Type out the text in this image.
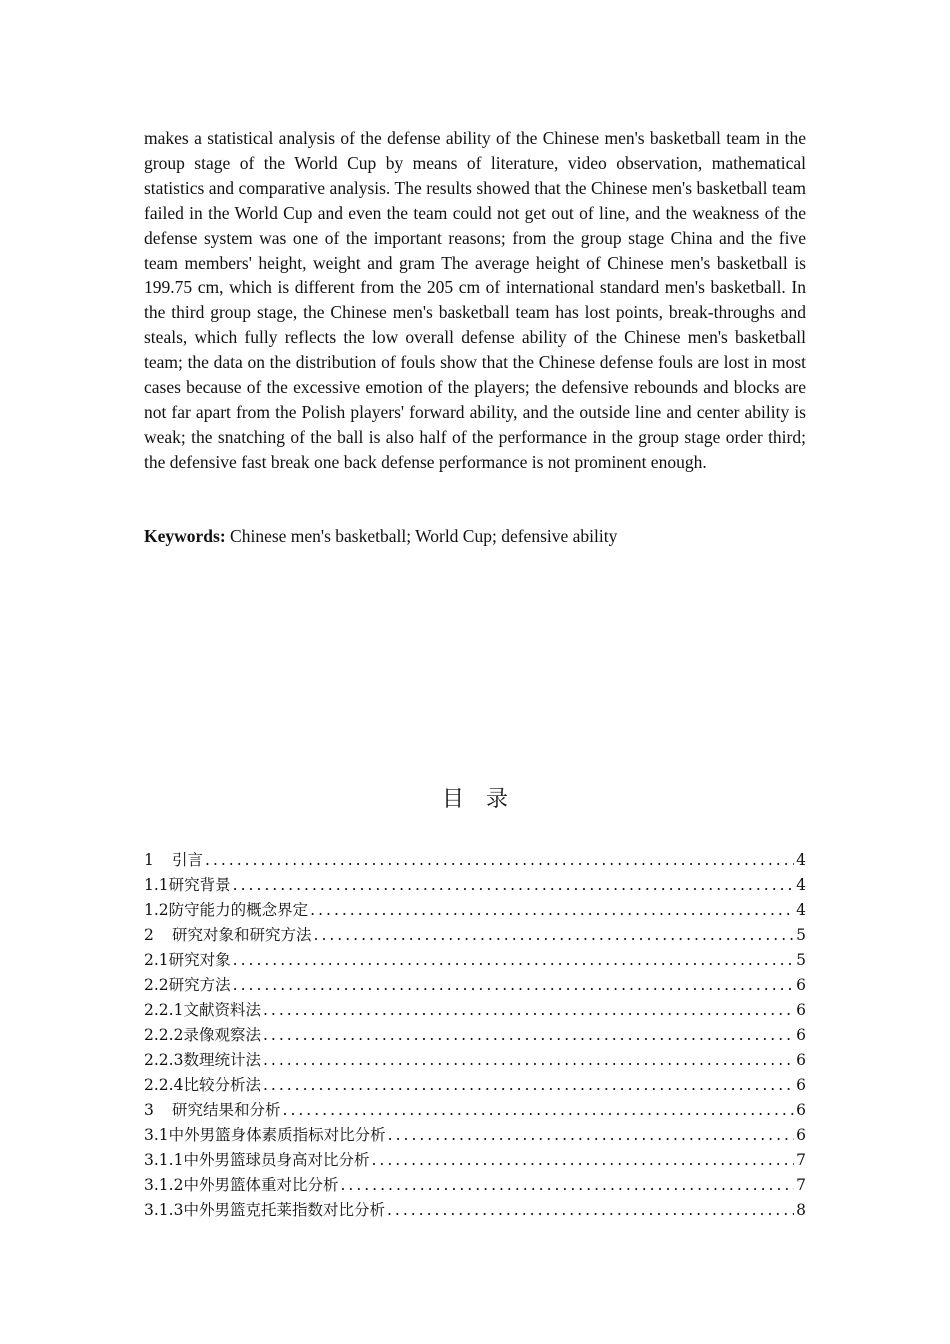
makes a statistical analysis of the defense ability of the Chinese men's basketball team in the group stage of the World Cup by means of literature, video observation, mathematical statistics and comparative analysis. The results showed that the Chinese men's basketball team failed in the World Cup and even the team could not get out of line, and the weakness of the defense system was one of the important reasons; from the group stage China and the five team members' height, weight and gram The average height of Chinese men's basketball is 199.75 cm, which is different from the 205 cm of international standard men's basketball. In the third group stage, the Chinese men's basketball team has lost points, break-throughs and steals, which fully reflects the low overall defense ability of the Chinese men's basketball team; the data on the distribution of fouls show that the Chinese defense fouls are lost in most cases because of the excessive emotion of the players; the defensive rebounds and blocks are not far apart from the Polish players' forward ability, and the outside line and center ability is weak; the snatching of the ball is also half of the performance in the group stage order third; the defensive fast break one back defense performance is not prominent enough.

Keywords: Chinese men's basketball; World Cup; defensive ability

目录
1 引言 .....	4
1.1研究背景 .....	4
1.2防守能力的概念界定 .....	4
2 研究对象和研究方法 .....	5
2.1研究对象 .....	5
2.2研究方法 .....	6
2.2.1文献资料法 .....	6
2.2.2录像观察法 .....	6
2.2.3数理统计法 .....	6
2.2.4比较分析法 .....	6
3 研究结果和分析 .....	6
3.1中外男篮身体素质指标对比分析 .....	6
3.1.1中外男篮球员身高对比分析 .....	7
3.1.2中外男篮体重对比分析 .....	7
3.1.3中外男篮克托莱指数对比分析 .....	8
